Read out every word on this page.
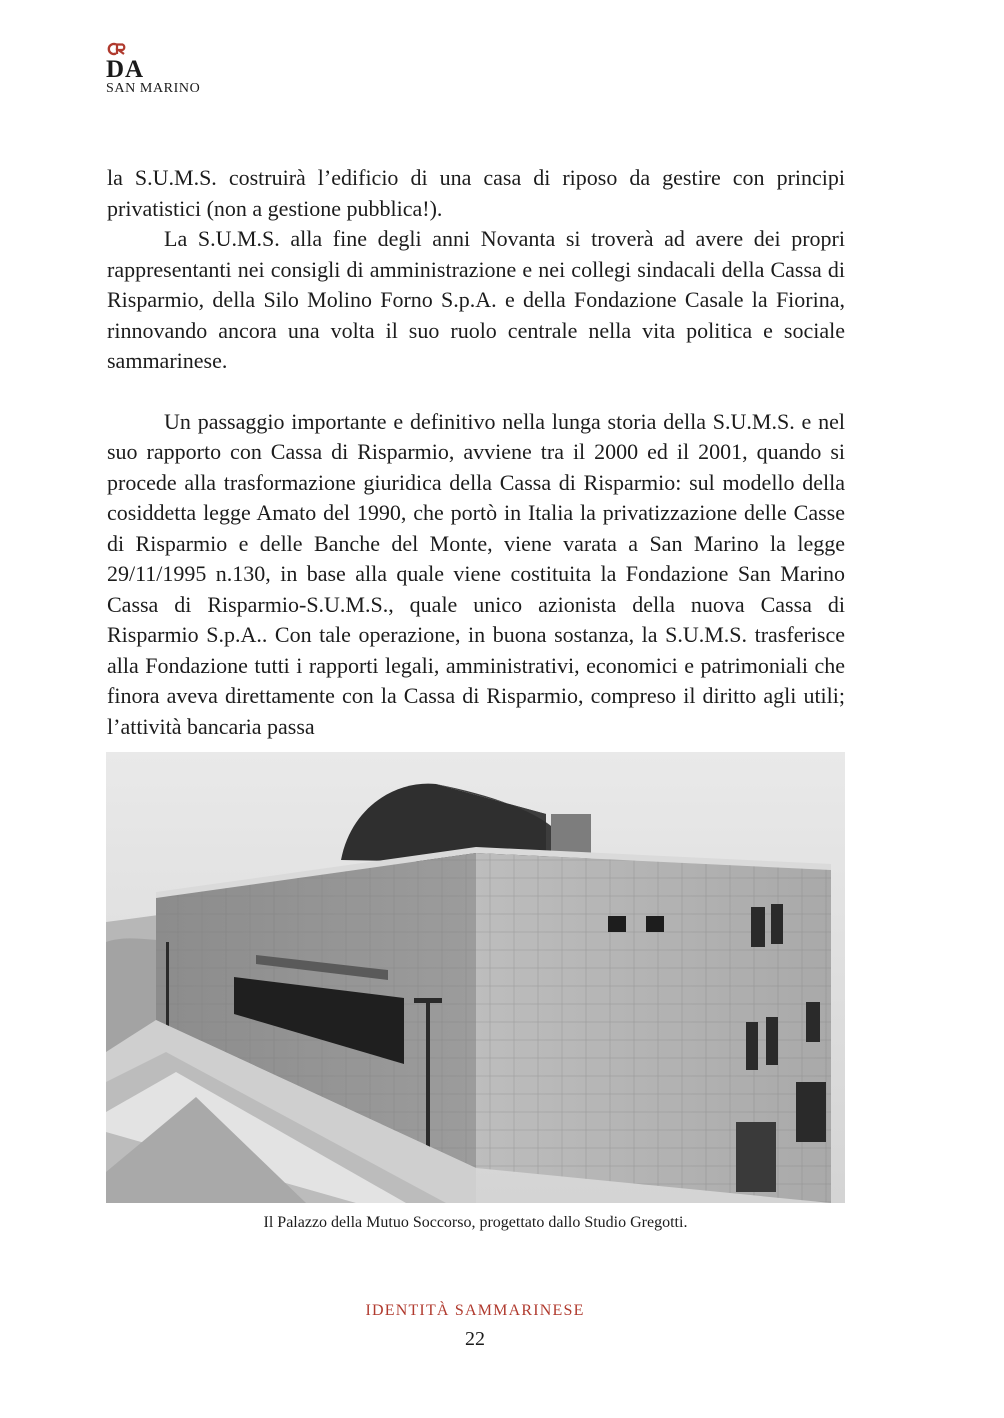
DA
SAN MARINO

la S.U.M.S. costruirà l’edificio di una casa di riposo da gestire con principi privatistici (non a gestione pubblica!).

La S.U.M.S. alla fine degli anni Novanta si troverà ad avere dei propri rappresentanti nei consigli di amministrazione e nei collegi sindacali della Cassa di Risparmio, della Silo Molino Forno S.p.A. e della Fondazione Casale la Fiorina, rinnovando ancora una volta il suo ruolo centrale nella vita politica e sociale sammarinese.

Un passaggio importante e definitivo nella lunga storia della S.U.M.S. e nel suo rapporto con Cassa di Risparmio, avviene tra il 2000 ed il 2001, quando si procede alla trasformazione giuridica della Cassa di Risparmio: sul modello della cosiddetta legge Amato del 1990, che portò in Italia la privatizzazione delle Casse di Risparmio e delle Banche del Monte, viene varata a San Marino la legge 29/11/1995 n.130, in base alla quale viene costituita la Fondazione San Marino Cassa di Risparmio-S.U.M.S., quale unico azionista della nuova Cassa di Risparmio S.p.A.. Con tale operazione, in buona sostanza, la S.U.M.S. trasferisce alla Fondazione tutti i rapporti legali, amministrativi, economici e patrimoniali che finora aveva direttamente con la Cassa di Risparmio, compreso il diritto agli utili; l’attività bancaria passa

Il Palazzo della Mutuo Soccorso, progettato dallo Studio Gregotti.
IDENTITÀ SAMMARINESE
22
